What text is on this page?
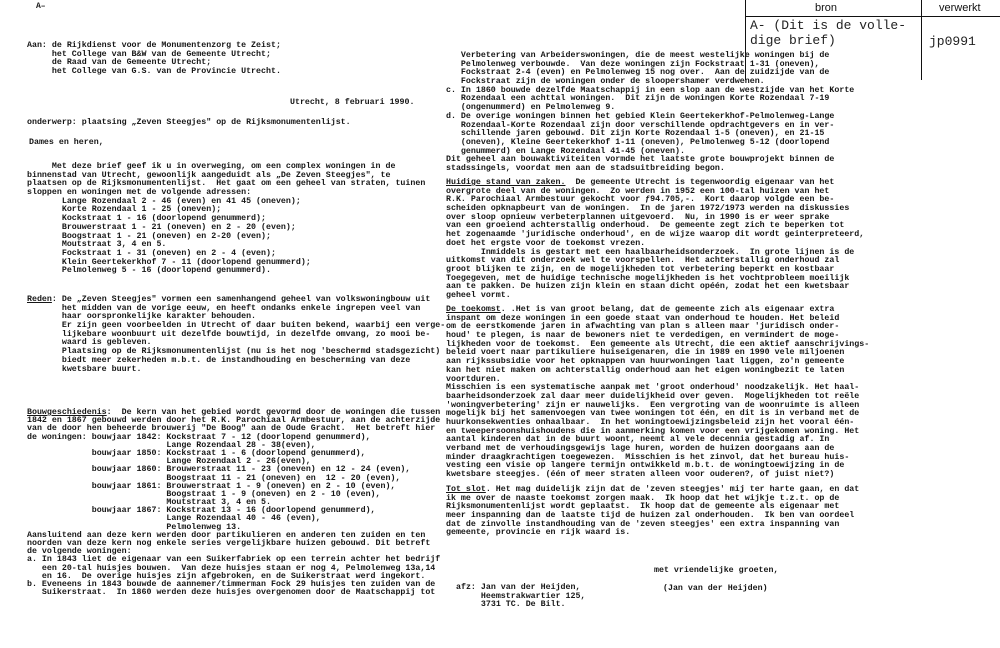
A–	bron	verwerkt
A- (Dit is de volle-
dige brief)	jp0991
Aan: de Rijkdienst voor de Monumentenzorg te Zeist;
het College van B&W van de Gemeente Utrecht;
de Raad van de Gemeente Utrecht;
het College van G.S. van de Provincie Utrecht.
Utrecht, 8 februari 1990.
onderwerp: plaatsing „Zeven Steegjes" op de Rijksmonumentenlijst.
Dames en heren,
Met deze brief geef ik u in overweging, om een complex woningen in de
binnenstad van Utrecht, gewoonlijk aangeduidt als „De Zeven Steegjes", te
plaatsen op de Rijksmonumentenlijst.  Het gaat om een geheel van straten, tuinen
sloppen en woningen met de volgende adressen:
Lange Rozendaal 2 - 46 (even) en 41 45 (oneven);
Korte Rozendaal 1 - 25 (oneven);
Kockstraat 1 - 16 (doorlopend genummerd);
Brouwerstraat 1 - 21 (oneven) en 2 - 20 (even);
Boogstraat 1 - 21 (oneven) en 2-20 (even);
Moutstraat 3, 4 en 5.
Fockstraat 1 - 31 (oneven) en 2 - 4 (even);
Klein Geertekerkhof 7 - 11 (doorlopend genummerd);
Pelmolenweg 5 - 16 (doorlopend genummerd).
Reden: De „Zeven Steegjes" vormen een samenhangend geheel van volkswoningbouw uit
het midden van de vorige eeuw, en heeft ondanks enkele ingrepen veel van
haar oorspronkelijke karakter behouden.
Er zijn geen voorbeelden in Utrecht of daar buiten bekend, waarbij een verge-
lijkebare woonbuurt uit dezelfde bouwtijd, in dezelfde omvang, zo mooi be-
waard is gebleven.
Plaatsing op de Rijksmonumentenlijst (nu is het nog 'beschermd stadsgezicht)
biedt meer zekerheden m.b.t. de instandhouding en bescherming van deze
kwetsbare buurt.
Bouwgeschiedenis:  De kern van het gebied wordt gevormd door de woningen die tussen
1842 en 1867 gebouwd werden door het R.K. Parochiaal Armbestuur, aan de achterzijde
van de door hen beheerde brouwerij "De Boog" aan de Oude Gracht.  Het betreft hier
de woningen: bouwjaar 1842: Kockstraat 7 - 12 (doorlopend genummerd),
Lange Rozendaal 28 - 38(even),
bouwjaar 1850: Kockstraat 1 - 6 (doorlopend genummerd),
Lange Rozendaal 2 - 26(even),
bouwjaar 1860: Brouwerstraat 11 - 23 (oneven) en 12 - 24 (even),
Boogstraat 11 - 21 (oneven) en  12 - 20 (even),
bouwjaar 1861: Brouwerstraat 1 - 9 (oneven) en 2 - 10 (even),
Boogstraat 1 - 9 (oneven) en 2 - 10 (even),
Moutstraat 3, 4 en 5.
bouwjaar 1867: Kockstraat 13 - 16 (doorlopend genummerd),
Lange Rozendaal 40 - 46 (even),
Pelmolenweg 13.
Aansluitend aan deze kern werden door partikulieren en anderen ten zuiden en ten
noorden van deze kern nog enkele series vergelijkbare huizen gebouwd. Dit betreft
de volgende woningen:
a. In 1843 liet de eigenaar van een Suikerfabriek op een terrein achter het bedrijf
een 20-tal huisjes bouwen.  Van deze huisjes staan er nog 4, Pelmolenweg 13a,14
en 16.  De overige huisjes zijn afgebroken, en de Suikerstraat werd ingekort.
b. Eveneens in 1843 bouwde de aannemer/timmerman Fock 29 huisjes ten zuiden van de
Suikerstraat.  In 1860 werden deze huisjes overgenomen door de Maatschappij tot
Verbetering van Arbeiderswoningen, die de meest westelijke woningen bij de
Pelmolenweg verbouwde.  Van deze woningen zijn Fockstraat 1-31 (oneven),
Fockstraat 2-4 (even) en Pelmolenweg 15 nog over.  Aan de zuidzijde van de
Fockstraat zijn de woningen onder de sloopershamer verdwenen.
c. In 1860 bouwde dezelfde Maatschappij in een slop aan de westzijde van het Korte
Rozendaal een achttal woningen.  Dit zijn de woningen Korte Rozendaal 7-19
(ongenummerd) en Pelmolenweg 9.
d. De overige woningen binnen het gebied Klein Geertekerkhof-Pelmolenweg-Lange
Rozendaal-Korte Rozendaal zijn door verschillende opdrachtgevers en in ver-
schillende jaren gebouwd. Dit zijn Korte Rozendaal 1-5 (oneven), en 21-15
(oneven), Kleine Geertekerkhof 1-11 (oneven), Pelmolenweg 5-12 (doorlopend
genummerd) en Lange Rozendaal 41-45 (oneven).
Dit geheel aan bouwaktiviteiten vormde het laatste grote bouwprojekt binnen de
stadssingels, voordat men aan de stadsuitbreiding begon.
Huidige stand van zaken.  De gemeente Utrecht is tegenwoordig eigenaar van het
overgrote deel van de woningen.  Zo werden in 1952 een 100-tal huizen van het
R.K. Parochiaal Armbestuur gekocht voor ƒ94.705,-.  Kort daarop volgde een be-
scheiden opknapbeurt van de woningen.  In de jaren 1972/1973 werden na diskussies
over sloop opnieuw verbeterplannen uitgevoerd.  Nu, in 1990 is er weer sprake
van een groeiend achterstallig onderhoud.  De gemeente zegt zich te beperken tot
het zogenaamde 'juridische onderhoud', en de wijze waarop dit wordt geinterpreteerd,
doet het ergste voor de toekomst vrezen.
Inmiddels is gestart met een haalbaarheidsonderzoek.  In grote lijnen is de
uitkomst van dit onderzoek wel te voorspellen.  Het achterstallig onderhoud zal
groot blijken te zijn, en de mogelijkheden tot verbetering beperkt en kostbaar
Toegegeven, met de huidige technische mogelijkheden is het vochtprobleem moeilijk
aan te pakken. De huizen zijn klein en staan dicht opéén, zodat het een kwetsbaar
geheel vormt.
De toekomst. .Het is van groot belang, dat de gemeente zich als eigenaar extra
inspant om deze woningen in een goede staat van onderhoud te houden. Het beleid
om de eerstkomende jaren in afwachting van plan s alleen maar 'juridisch onder-
houd' te plegen, is naar de bewoners niet te verdedigen, en vermindert de moge-
lijkheden voor de toekomst.  Een gemeente als Utrecht, die een aktief aanschrijvings-
beleid voert naar partikuliere huiseigenaren, die in 1989 en 1990 vele miljoenen
aan rijkssubsidie voor het opknappen van huurwoningen laat liggen, zo'n gemeente
kan het niet maken om achterstallig onderhoud aan het eigen woningbezit te laten
voortduren.
Misschien is een systematische aanpak met 'groot onderhoud' noodzakelijk. Het haal-
baarheidsonderzoek zal daar meer duidelijkheid over geven.  Mogelijkheden tot reële
'woningverbetering' zijn er nauwelijks.  Een vergroting van de woonruimte is alleen
mogelijk bij het samenvoegen van twee woningen tot één, en dit is in verband met de
huurkonsekwenties onhaalbaar.  In het woningtoewijzingsbeleid zijn het vooral één-
en tweepersoonshuishoudens die in aanmerking komen voor een vrijgekomen woning. Het
aantal kinderen dat in de buurt woont, neemt al vele decennia gestadig af. In
verband met de verhoudingsgewijs lage huren, worden de huizen doorgaans aan de
minder draagkrachtigen toegewezen.  Misschien is het zinvol, dat het bureau huis-
vesting een visie op langere termijn ontwikkeld m.b.t. de woningtoewijzing in de
kwetsbare steegjes. (één of meer straten alleen voor ouderen?, of juist niet?)
Tot slot. Het mag duidelijk zijn dat de 'zeven steegjes' mij ter harte gaan, en dat
ik me over de naaste toekomst zorgen maak.  Ik hoop dat het wijkje t.z.t. op de
Rijksmonumentenlijst wordt geplaatst.  Ik hoop dat de gemeente als eigenaar met
meer inspanning dan de laatste tijd de huizen zal onderhouden.  Ik ben van oordeel
dat de zinvolle instandhouding van de 'zeven steegjes' een extra inspanning van
gemeente, provincie en rijk waard is.
met vriendelijke groeten,
(Jan van der Heijden)
afz: Jan van der Heijden,
Heemstrakwartier 125,
3731 TC. De Bilt.
